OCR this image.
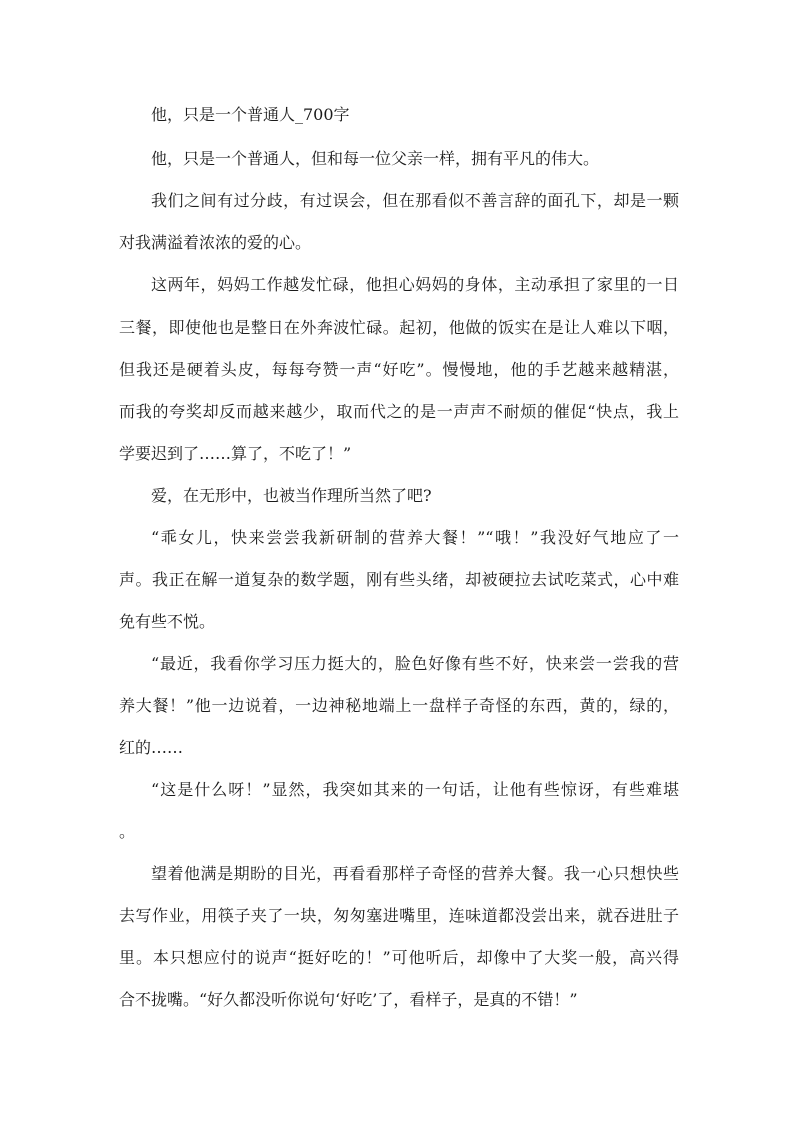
他，只是一个普通人_700字

他，只是一个普通人，但和每一位父亲一样，拥有平凡的伟大。

我们之间有过分歧，有过误会，但在那看似不善言辞的面孔下，却是一颗

对我满溢着浓浓的爱的心。

这两年，妈妈工作越发忙碌，他担心妈妈的身体，主动承担了家里的一日

三餐，即使他也是整日在外奔波忙碌。起初，他做的饭实在是让人难以下咽，

但我还是硬着头皮，每每夸赞一声“好吃”。慢慢地，他的手艺越来越精湛，

而我的夸奖却反而越来越少，取而代之的是一声声不耐烦的催促“快点，我上

学要迟到了……算了，不吃了！”

爱，在无形中，也被当作理所当然了吧?

“乖女儿，快来尝尝我新研制的营养大餐！”“哦！”我没好气地应了一

声。我正在解一道复杂的数学题，刚有些头绪，却被硬拉去试吃菜式，心中难

免有些不悦。

“最近，我看你学习压力挺大的，脸色好像有些不好，快来尝一尝我的营

养大餐！”他一边说着，一边神秘地端上一盘样子奇怪的东西，黄的，绿的，

红的……

“这是什么呀！”显然，我突如其来的一句话，让他有些惊讶，有些难堪

。

望着他满是期盼的目光，再看看那样子奇怪的营养大餐。我一心只想快些

去写作业，用筷子夹了一块，匆匆塞进嘴里，连味道都没尝出来，就吞进肚子

里。本只想应付的说声“挺好吃的！”可他听后，却像中了大奖一般，高兴得

合不拢嘴。“好久都没听你说句‘好吃’了，看样子，是真的不错！”
